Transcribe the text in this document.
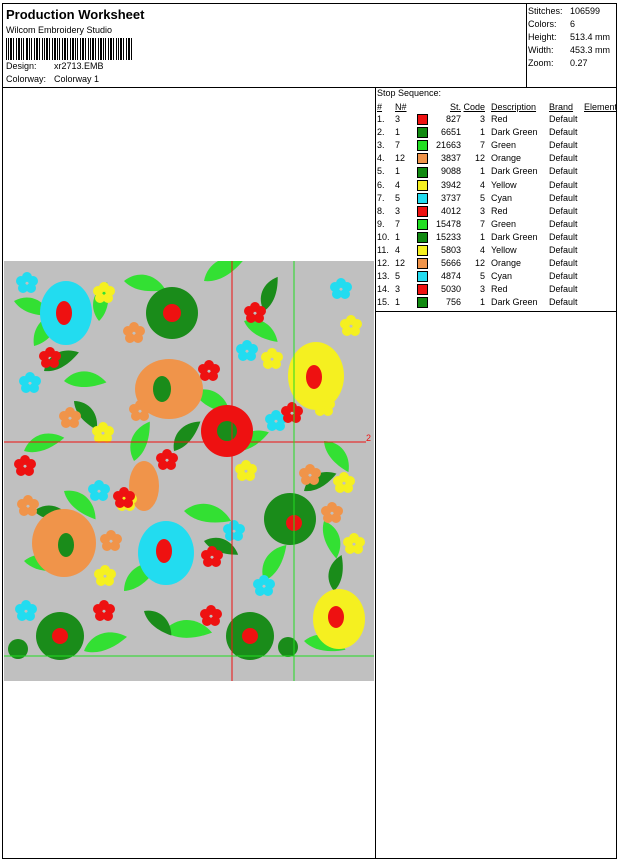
Production Worksheet
Wilcom Embroidery Studio
Design: xr2713.EMB
Colorway: Colorway 1
Stitches: 106599
Colors: 6
Height: 513.4 mm
Width: 453.3 mm
Zoom: 0.27
Stop Sequence:
#	N#		St.	Code	Description	Brand	Element
1.	3		827	3	Red	Default	
2.	1		6651	1	Dark Green	Default	
3.	7		21663	7	Green	Default	
4.	12		3837	12	Orange	Default	
5.	1		9088	1	Dark Green	Default	
6.	4		3942	4	Yellow	Default	
7.	5		3737	5	Cyan	Default	
8.	3		4012	3	Red	Default	
9.	7		15478	7	Green	Default	
10.	1		15233	1	Dark Green	Default	
11.	4		5803	4	Yellow	Default	
12.	12		5666	12	Orange	Default	
13.	5		4874	5	Cyan	Default	
14.	3		5030	3	Red	Default	
15.	1		756	1	Dark Green	Default	
2
